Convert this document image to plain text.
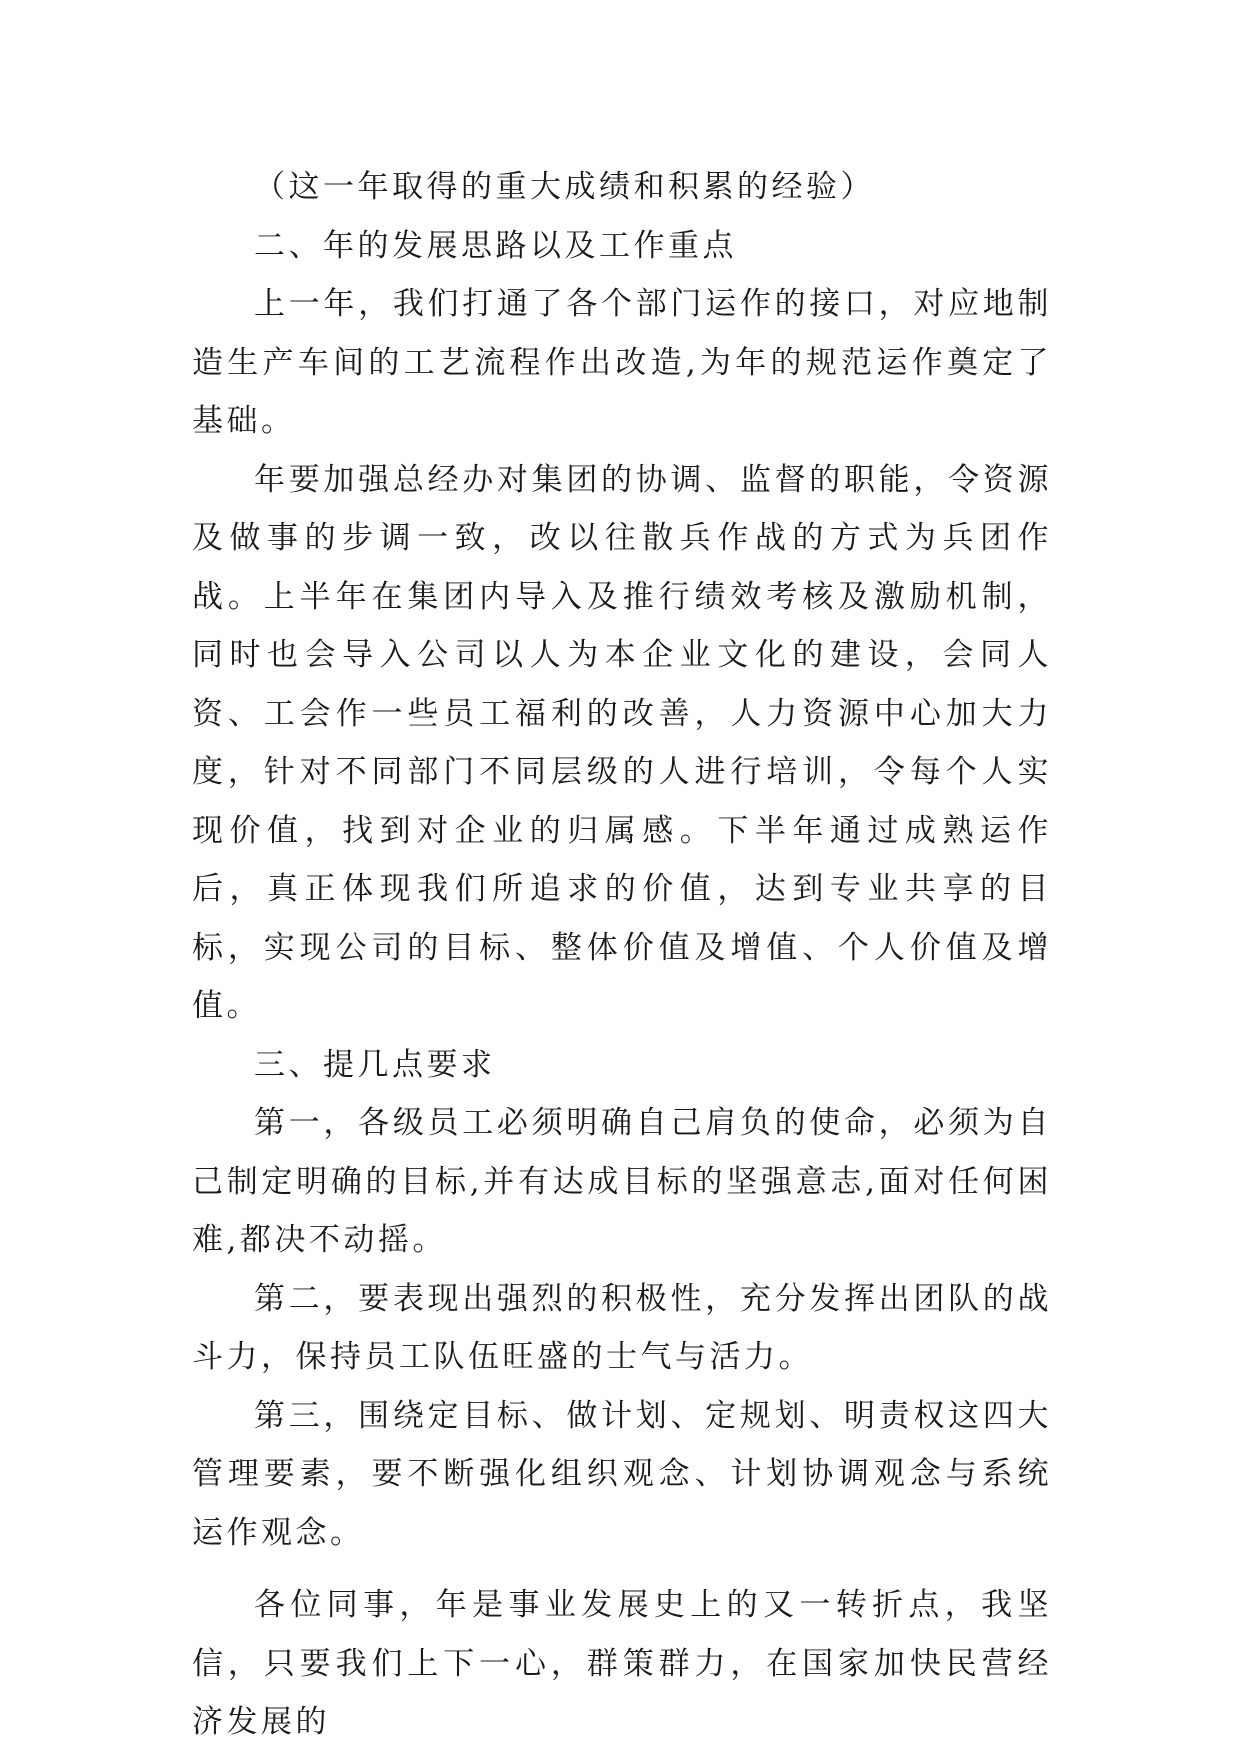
（这一年取得的重大成绩和积累的经验）

二、年的发展思路以及工作重点

上一年，我们打通了各个部门运作的接口，对应地制造生产车间的工艺流程作出改造,为年的规范运作奠定了基础。

年要加强总经办对集团的协调、监督的职能，令资源及做事的步调一致，改以往散兵作战的方式为兵团作战。上半年在集团内导入及推行绩效考核及激励机制，同时也会导入公司以人为本企业文化的建设，会同人资、工会作一些员工福利的改善，人力资源中心加大力度，针对不同部门不同层级的人进行培训，令每个人实现价值，找到对企业的归属感。下半年通过成熟运作后，真正体现我们所追求的价值，达到专业共享的目标，实现公司的目标、整体价值及增值、个人价值及增值。

三、提几点要求

第一，各级员工必须明确自己肩负的使命，必须为自己制定明确的目标,并有达成目标的坚强意志,面对任何困难,都决不动摇。

第二，要表现出强烈的积极性，充分发挥出团队的战斗力，保持员工队伍旺盛的士气与活力。

第三，围绕定目标、做计划、定规划、明责权这四大管理要素，要不断强化组织观念、计划协调观念与系统运作观念。

各位同事，年是事业发展史上的又一转折点，我坚信，只要我们上下一心，群策群力，在国家加快民营经济发展的
